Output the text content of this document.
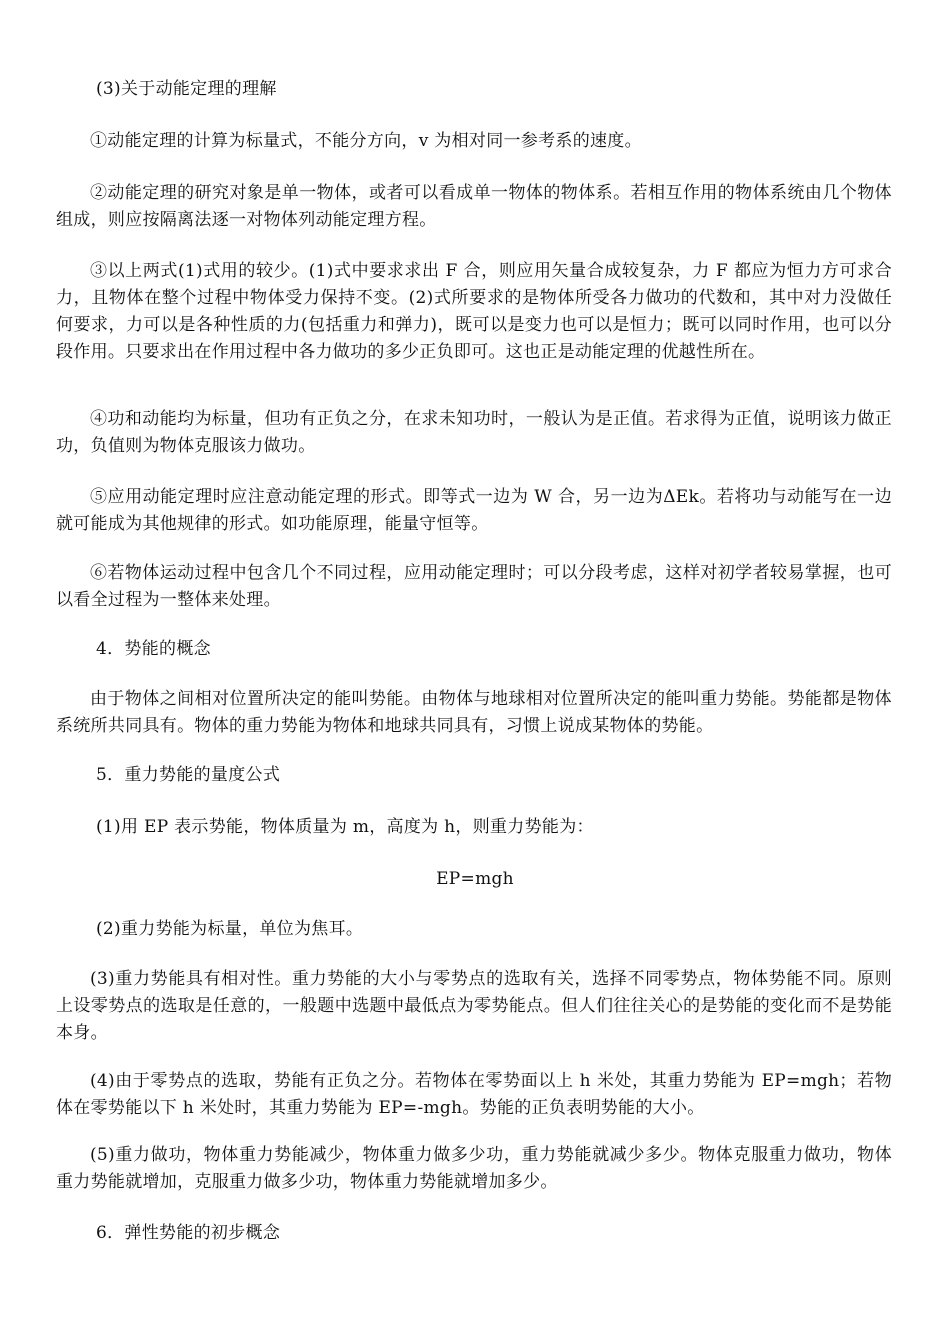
(3)关于动能定理的理解

①动能定理的计算为标量式，不能分方向，v 为相对同一参考系的速度。

②动能定理的研究对象是单一物体，或者可以看成单一物体的物体系。若相互作用的物体系统由几个物体组成，则应按隔离法逐一对物体列动能定理方程。

③以上两式(1)式用的较少。(1)式中要求求出 F 合，则应用矢量合成较复杂，力 F 都应为恒力方可求合力，且物体在整个过程中物体受力保持不变。(2)式所要求的是物体所受各力做功的代数和，其中对力没做任何要求，力可以是各种性质的力(包括重力和弹力)，既可以是变力也可以是恒力；既可以同时作用，也可以分段作用。只要求出在作用过程中各力做功的多少正负即可。这也正是动能定理的优越性所在。

④功和动能均为标量，但功有正负之分，在求未知功时，一般认为是正值。若求得为正值，说明该力做正功，负值则为物体克服该力做功。

⑤应用动能定理时应注意动能定理的形式。即等式一边为 W 合，另一边为ΔEk。若将功与动能写在一边就可能成为其他规律的形式。如功能原理，能量守恒等。

⑥若物体运动过程中包含几个不同过程，应用动能定理时；可以分段考虑，这样对初学者较易掌握，也可以看全过程为一整体来处理。

4．势能的概念

由于物体之间相对位置所决定的能叫势能。由物体与地球相对位置所决定的能叫重力势能。势能都是物体系统所共同具有。物体的重力势能为物体和地球共同具有，习惯上说成某物体的势能。

5．重力势能的量度公式

(1)用 EP 表示势能，物体质量为 m，高度为 h，则重力势能为：

EP=mgh

(2)重力势能为标量，单位为焦耳。

(3)重力势能具有相对性。重力势能的大小与零势点的选取有关，选择不同零势点，物体势能不同。原则上设零势点的选取是任意的，一般题中选题中最低点为零势能点。但人们往往关心的是势能的变化而不是势能本身。

(4)由于零势点的选取，势能有正负之分。若物体在零势面以上 h 米处，其重力势能为 EP=mgh；若物体在零势能以下 h 米处时，其重力势能为 EP=-mgh。势能的正负表明势能的大小。

(5)重力做功，物体重力势能减少，物体重力做多少功，重力势能就减少多少。物体克服重力做功，物体重力势能就增加，克服重力做多少功，物体重力势能就增加多少。

6．弹性势能的初步概念
